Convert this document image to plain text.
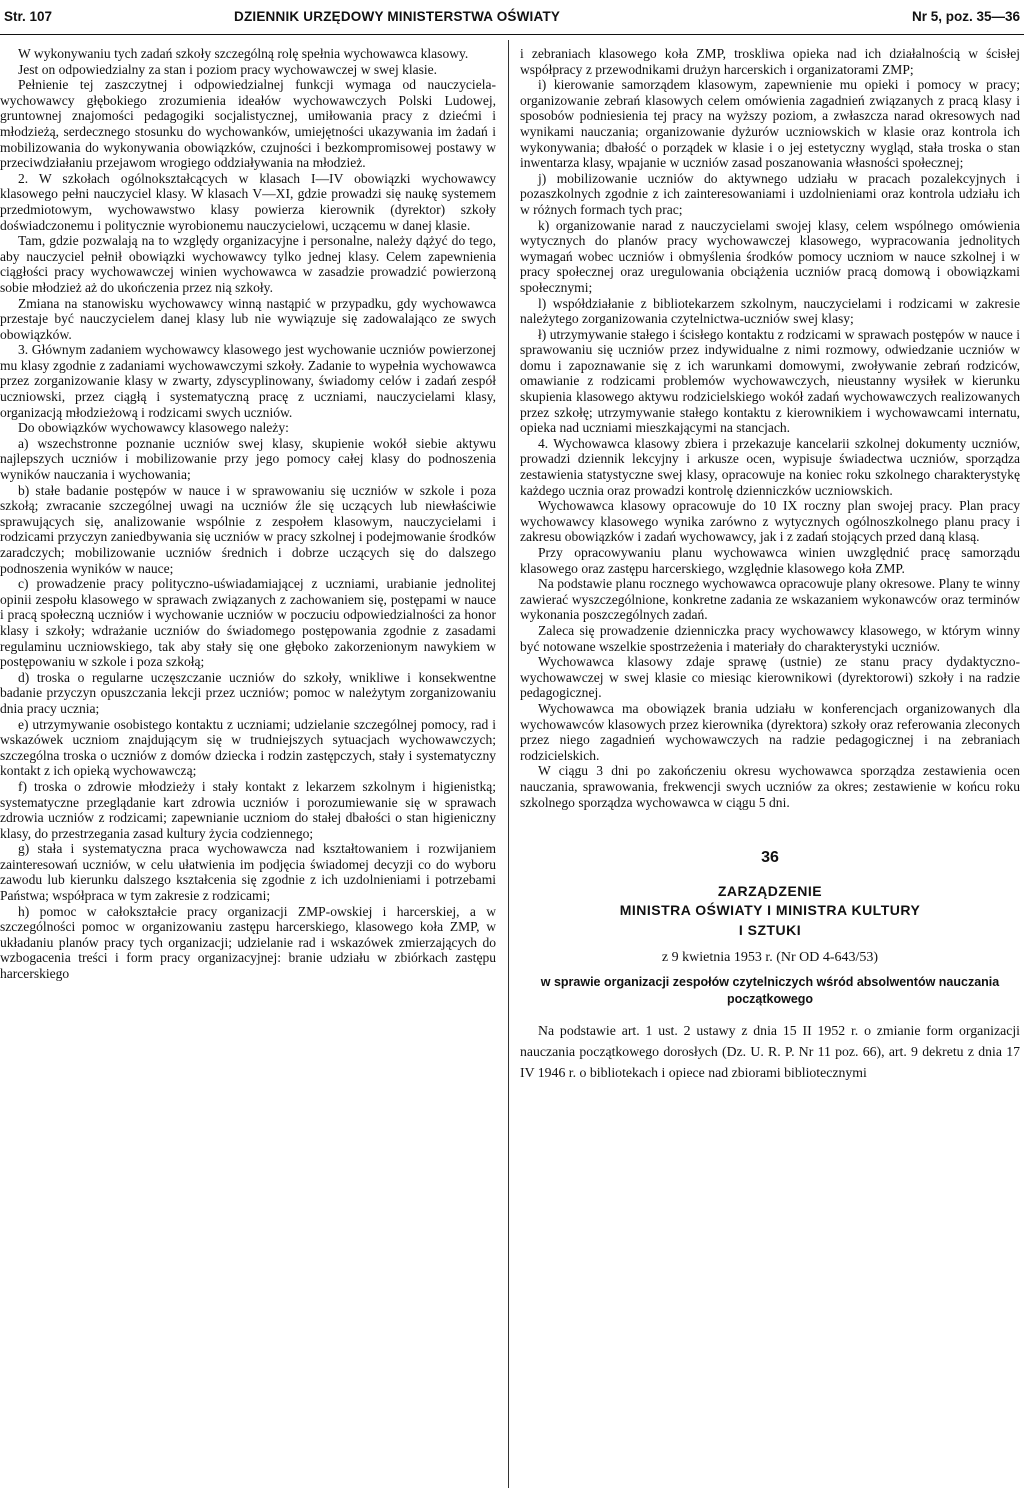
Str. 107	DZIENNIK URZĘDOWY MINISTERSTWA OŚWIATY	Nr 5, poz. 35—36

W wykonywaniu tych zadań szkoły szczególną rolę spełnia wychowawca klasowy.

Jest on odpowiedzialny za stan i poziom pracy wychowawczej w swej klasie.

Pełnienie tej zaszczytnej i odpowiedzialnej funkcji wymaga od nauczyciela-wychowawcy głębokiego zrozumienia ideałów wychowawczych Polski Ludowej, gruntownej znajomości pedagogiki socjalistycznej, umiłowania pracy z dziećmi i młodzieżą, serdecznego stosunku do wychowanków, umiejętności ukazywania im żadań i mobilizowania do wykonywania obowiązków, czujności i bezkompromisowej postawy w przeciwdziałaniu przejawom wrogiego oddziaływania na młodzież.

2. W szkołach ogólnokształcących w klasach I—IV obowiązki wychowawcy klasowego pełni nauczyciel klasy. W klasach V—XI, gdzie prowadzi się naukę systemem przedmiotowym, wychowawstwo klasy powierza kierownik (dyrektor) szkoły doświadczonemu i politycznie wyrobionemu nauczycielowi, uczącemu w danej klasie.

Tam, gdzie pozwalają na to względy organizacyjne i personalne, należy dążyć do tego, aby nauczyciel pełnił obowiązki wychowawcy tylko jednej klasy. Celem zapewnienia ciągłości pracy wychowawczej winien wychowawca w zasadzie prowadzić powierzoną sobie młodzież aż do ukończenia przez nią szkoły.

Zmiana na stanowisku wychowawcy winną nastąpić w przypadku, gdy wychowawca przestaje być nauczycielem danej klasy lub nie wywiązuje się zadowalająco ze swych obowiązków.

3. Głównym zadaniem wychowawcy klasowego jest wychowanie uczniów powierzonej mu klasy zgodnie z zadaniami wychowawczymi szkoły. Zadanie to wypełnia wychowawca przez zorganizowanie klasy w zwarty, zdyscyplinowany, świadomy celów i zadań zespół uczniowski, przez ciągłą i systematyczną pracę z uczniami, nauczycielami klasy, organizacją młodzieżową i rodzicami swych uczniów.

Do obowiązków wychowawcy klasowego należy:

a) wszechstronne poznanie uczniów swej klasy, skupienie wokół siebie aktywu najlepszych uczniów i mobilizowanie przy jego pomocy całej klasy do podnoszenia wyników nauczania i wychowania;

b) stałe badanie postępów w nauce i w sprawowaniu się uczniów w szkole i poza szkołą; zwracanie szczególnej uwagi na uczniów źle się uczących lub niewłaściwie sprawujących się, analizowanie wspólnie z zespołem klasowym, nauczycielami i rodzicami przyczyn zaniedbywania się uczniów w pracy szkolnej i podejmowanie środków zaradczych; mobilizowanie uczniów średnich i dobrze uczących się do dalszego podnoszenia wyników w nauce;

c) prowadzenie pracy polityczno-uświadamiającej z uczniami, urabianie jednolitej opinii zespołu klasowego w sprawach związanych z zachowaniem się, postępami w nauce i pracą społeczną uczniów i wychowanie uczniów w poczuciu odpowiedzialności za honor klasy i szkoły; wdrażanie uczniów do świadomego postępowania zgodnie z zasadami regulaminu uczniowskiego, tak aby stały się one głęboko zakorzenionym nawykiem w postępowaniu w szkole i poza szkołą;

d) troska o regularne uczęszczanie uczniów do szkoły, wnikliwe i konsekwentne badanie przyczyn opuszczania lekcji przez uczniów; pomoc w należytym zorganizowaniu dnia pracy ucznia;

e) utrzymywanie osobistego kontaktu z uczniami; udzielanie szczególnej pomocy, rad i wskazówek uczniom znajdującym się w trudniejszych sytuacjach wychowawczych; szczególna troska o uczniów z domów dziecka i rodzin zastępczych, stały i systematyczny kontakt z ich opieką wychowawczą;

f) troska o zdrowie młodzieży i stały kontakt z lekarzem szkolnym i higienistką; systematyczne przeglądanie kart zdrowia uczniów i porozumiewanie się w sprawach zdrowia uczniów z rodzicami; zapewnianie uczniom do stałej dbałości o stan higieniczny klasy, do przestrzegania zasad kultury życia codziennego;

g) stała i systematyczna praca wychowawcza nad kształtowaniem i rozwijaniem zainteresowań uczniów, w celu ułatwienia im podjęcia świadomej decyzji co do wyboru zawodu lub kierunku dalszego kształcenia się zgodnie z ich uzdolnieniami i potrzebami Państwa; współpraca w tym zakresie z rodzicami;

h) pomoc w całokształcie pracy organizacji ZMP-owskiej i harcerskiej, a w szczególności pomoc w organizowaniu zastępu harcerskiego, klasowego koła ZMP, w układaniu planów pracy tych organizacji; udzielanie rad i wskazówek zmierzających do wzbogacenia treści i form pracy organizacyjnej: branie udziału w zbiórkach zastępu harcerskiego

i zebraniach klasowego koła ZMP, troskliwa opieka nad ich działalnością w ścisłej współpracy z przewodnikami drużyn harcerskich i organizatorami ZMP;

i) kierowanie samorządem klasowym, zapewnienie mu opieki i pomocy w pracy; organizowanie zebrań klasowych celem omówienia zagadnień związanych z pracą klasy i sposobów podniesienia tej pracy na wyższy poziom, a zwłaszcza narad okresowych nad wynikami nauczania; organizowanie dyżurów uczniowskich w klasie oraz kontrola ich wykonywania; dbałość o porządek w klasie i o jej estetyczny wygląd, stała troska o stan inwentarza klasy, wpajanie w uczniów zasad poszanowania własności społecznej;

j) mobilizowanie uczniów do aktywnego udziału w pracach pozalekcyjnych i pozaszkolnych zgodnie z ich zainteresowaniami i uzdolnieniami oraz kontrola udziału ich w różnych formach tych prac;

k) organizowanie narad z nauczycielami swojej klasy, celem wspólnego omówienia wytycznych do planów pracy wychowawczej klasowego, wypracowania jednolitych wymagań wobec uczniów i obmyślenia środków pomocy uczniom w nauce szkolnej i w pracy społecznej oraz uregulowania obciążenia uczniów pracą domową i obowiązkami społecznymi;

l) współdziałanie z bibliotekarzem szkolnym, nauczycielami i rodzicami w zakresie należytego zorganizowania czytelnictwa-uczniów swej klasy;

ł) utrzymywanie stałego i ścisłego kontaktu z rodzicami w sprawach postępów w nauce i sprawowaniu się uczniów przez indywidualne z nimi rozmowy, odwiedzanie uczniów w domu i zapoznawanie się z ich warunkami domowymi, zwoływanie zebrań rodziców, omawianie z rodzicami problemów wychowawczych, nieustanny wysiłek w kierunku skupienia klasowego aktywu rodzicielskiego wokół zadań wychowawczych realizowanych przez szkołę; utrzymywanie stałego kontaktu z kierownikiem i wychowawcami internatu, opieka nad uczniami mieszkającymi na stancjach.

4. Wychowawca klasowy zbiera i przekazuje kancelarii szkolnej dokumenty uczniów, prowadzi dziennik lekcyjny i arkusze ocen, wypisuje świadectwa uczniów, sporządza zestawienia statystyczne swej klasy, opracowuje na koniec roku szkolnego charakterystykę każdego ucznia oraz prowadzi kontrolę dzienniczków uczniowskich.

Wychowawca klasowy opracowuje do 10 IX roczny plan swojej pracy. Plan pracy wychowawcy klasowego wynika zarówno z wytycznych ogólnoszkolnego planu pracy i zakresu obowiązków i zadań wychowawcy, jak i z zadań stojących przed daną klasą.

Przy opracowywaniu planu wychowawca winien uwzględnić pracę samorządu klasowego oraz zastępu harcerskiego, względnie klasowego koła ZMP.

Na podstawie planu rocznego wychowawca opracowuje plany okresowe. Plany te winny zawierać wyszczególnione, konkretne zadania ze wskazaniem wykonawców oraz terminów wykonania poszczególnych zadań.

Zaleca się prowadzenie dzienniczka pracy wychowawcy klasowego, w którym winny być notowane wszelkie spostrzeżenia i materiały do charakterystyki uczniów.

Wychowawca klasowy zdaje sprawę (ustnie) ze stanu pracy dydaktyczno-wychowawczej w swej klasie co miesiąc kierownikowi (dyrektorowi) szkoły i na radzie pedagogicznej.

Wychowawca ma obowiązek brania udziału w konferencjach organizowanych dla wychowawców klasowych przez kierownika (dyrektora) szkoły oraz referowania zleconych przez niego zagadnień wychowawczych na radzie pedagogicznej i na zebraniach rodzicielskich.

W ciągu 3 dni po zakończeniu okresu wychowawca sporządza zestawienia ocen nauczania, sprawowania, frekwencji swych uczniów za okres; zestawienie w końcu roku szkolnego sporządza wychowawca w ciągu 5 dni.

36
ZARZĄDZENIE
MINISTRA OŚWIATY I MINISTRA KULTURY
I SZTUKI
z 9 kwietnia 1953 r. (Nr OD 4-643/53)
w sprawie organizacji zespołów czytelniczych wśród absolwentów nauczania początkowego

Na podstawie art. 1 ust. 2 ustawy z dnia 15 II 1952 r. o zmianie form organizacji nauczania początkowego dorosłych (Dz. U. R. P. Nr 11 poz. 66), art. 9 dekretu z dnia 17 IV 1946 r. o bibliotekach i opiece nad zbiorami bibliotecznymi
